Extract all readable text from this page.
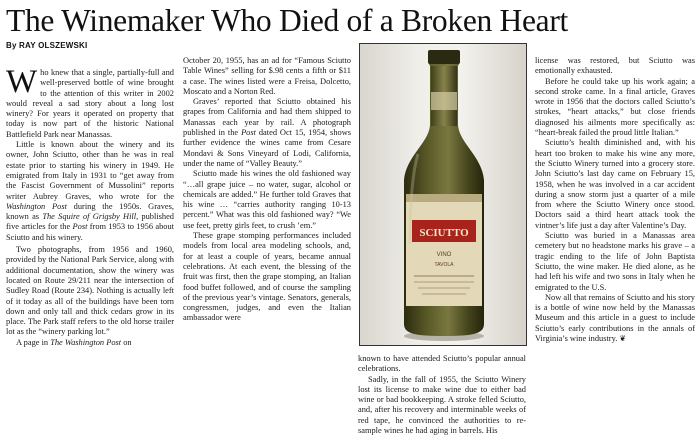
The Winemaker Who Died of a Broken Heart
By RAY OLSZEWSKI
W ho knew that a single, partially-full and well-preserved bottle of wine brought to the attention of this writer in 2002 would reveal a sad story about a long lost winery? For years it operated on property that today is now part of the historic National Battlefield Park near Manassas.

Little is known about the winery and its owner, John Sciutto, other than he was in real estate prior to starting his winery in 1949. He emigrated from Italy in 1931 to “get away from the Fascist Government of Mussolini” reports writer Aubrey Graves, who wrote for the Washington Post during the 1950s. Graves, known as The Squire of Grigsby Hill, published five articles for the Post from 1953 to 1956 about Sciutto and his winery.

Two photographs, from 1956 and 1960, provided by the National Park Service, along with additional documentation, show the winery was located on Route 29/211 near the intersection of Sudley Road (Route 234). Nothing is actually left of it today as all of the buildings have been torn down and only tall and thick cedars grow in its place. The Park staff refers to the old horse trailer lot as the “winery parking lot.”

A page in The Washington Post on

October 20, 1955, has an ad for “Famous Sciutto Table Wines” selling for $.98 cents a fifth or $11 a case. The wines listed were a Freisa, Dolcetto, Moscato and a Norton Red.

Graves’ reported that Sciutto obtained his grapes from California and had them shipped to Manassas each year by rail. A photograph published in the Post dated Oct 15, 1954, shows further evidence the wines came from Cesare Mondavi & Sons Vineyard of Lodi, California, under the name of “Valley Beauty.”

Sciutto made his wines the old fashioned way “…all grape juice – no water, sugar, alcohol or chemicals are added.” He further told Graves that his wine … “carries authority ranging 10-13 percent.” What was this old fashioned way? “We use feet, pretty girls feet, to crush ’em.”

These grape stomping performances included models from local area modeling schools, and, for at least a couple of years, became annual celebrations. At each event, the blessing of the fruit was first, then the grape stomping, an Italian food buffet followed, and of course the sampling of the previous year’s vintage. Senators, generals, congressmen, judges, and even the Italian ambassador were

SCIUTTO
VINO
TAVOLA

known to have attended Sciutto’s popular annual celebrations.

Sadly, in the fall of 1955, the Sciutto Winery lost its license to make wine due to either bad wine or bad bookkeeping. A stroke felled Sciutto, and, after his recovery and interminable weeks of red tape, he convinced the authorities to re-sample wines he had aging in barrels. His

license was restored, but Sciutto was emotionally exhausted.

Before he could take up his work again; a second stroke came. In a final article, Graves wrote in 1956 that the doctors called Sciutto’s strokes, “heart attacks,” but close friends diagnosed his ailments more specifically as: “heart-break failed the proud little Italian.”

Sciutto’s health diminished and, with his heart too broken to make his wine any more, the Sciutto Winery turned into a grocery store. John Sciutto’s last day came on February 15, 1958, when he was involved in a car accident during a snow storm just a quarter of a mile from where the Sciutto Winery once stood. Doctors said a third heart attack took the vintner’s life just a day after Valentine’s Day.

Sciutto was buried in a Manassas area cemetery but no headstone marks his grave – a tragic ending to the life of John Baptista Sciutto, the wine maker. He died alone, as he had left his wife and two sons in Italy when he emigrated to the U.S.

Now all that remains of Sciutto and his story is a bottle of wine now held by the Manassas Museum and this article in a guest to include Sciutto’s early contributions in the annals of Virginia’s wine industry. ❦
